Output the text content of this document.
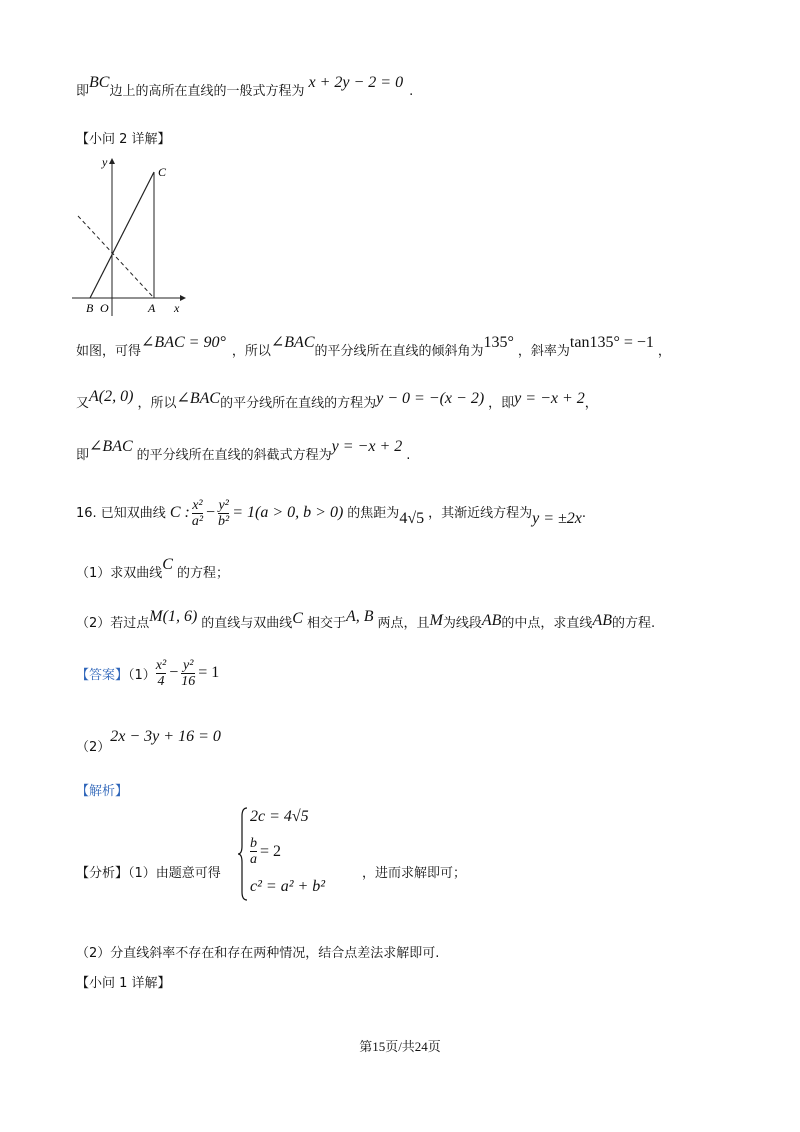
即BC边上的高所在直线的一般式方程为x + 2y − 2 = 0.
【小问 2 详解】
y
x
C
B O	A
如图，可得∠BAC = 90°，所以∠BAC的平分线所在直线的倾斜角为135°，斜率为tan135° = −1，
又A(2, 0) ，所以∠BAC的平分线所在直线的方程为y − 0 = −(x − 2) ，即y = −x + 2，
即∠BAC的平分线所在直线的斜截式方程为y = −x + 2.
16. 已知双曲线 C : $\frac{\text{x²}}{\text{a²}} - \frac{\text{y²}}{\text{b²}} = 1(a > 0$, b > 0) 的焦距为4√5 ，其渐近线方程为y = ±2x.
（1）求双曲线C的方程；
（2）若过点M(1, 6) 的直线与双曲线C 相交于A, B 两点，且M为线段AB的中点，求直线AB的方程.
【答案】$(1) \frac{\text{x²}}{4} - \frac{\text{y²}}{16} = 1$
（2）2x − 3y + 16 = 0
【解析】
【分析】（1）由题意可得
2c = 4√5
$\frac{b}{a} = 2$
c² = a² + b²
，进而求解即可；
（2）分直线斜率不存在和存在两种情况，结合点差法求解即可.
【小问 1 详解】
第15页/共24页
